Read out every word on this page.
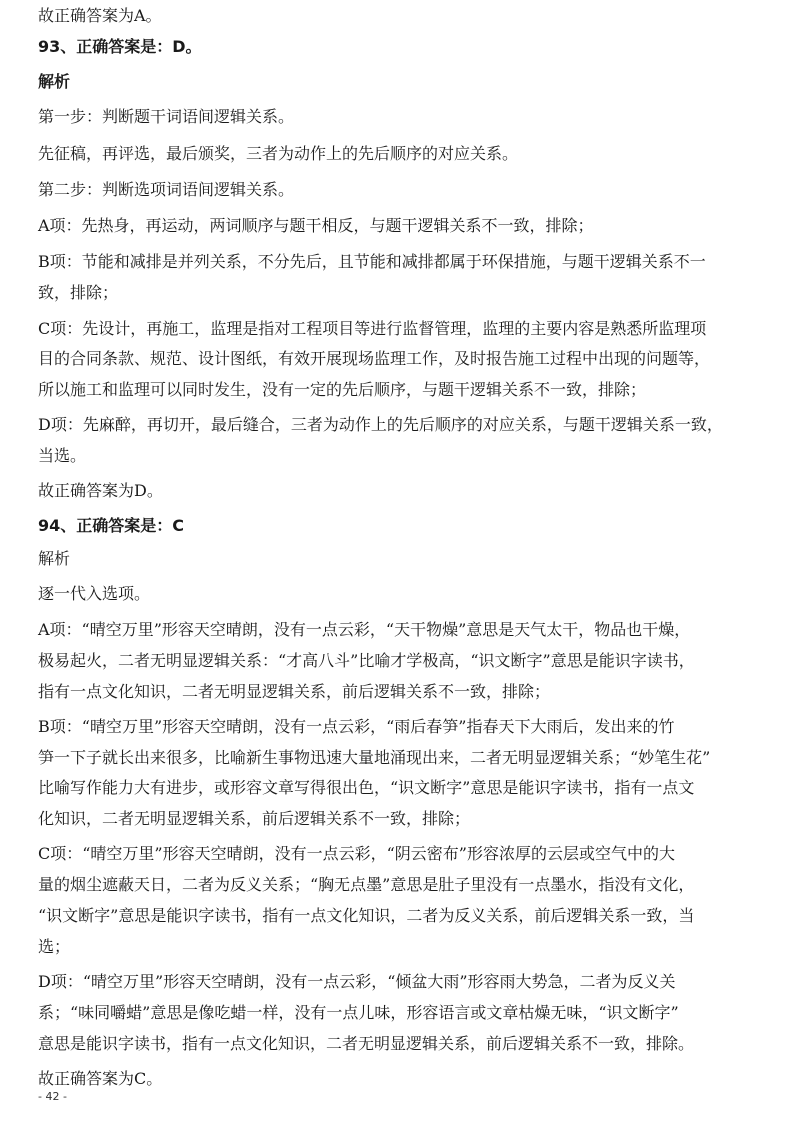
故正确答案为A。
93、正确答案是：D。
解析
第一步：判断题干词语间逻辑关系。
先征稿，再评选，最后颁奖，三者为动作上的先后顺序的对应关系。
第二步：判断选项词语间逻辑关系。
A项：先热身，再运动，两词顺序与题干相反，与题干逻辑关系不一致，排除；
B项：节能和减排是并列关系，不分先后，且节能和减排都属于环保措施，与题干逻辑关系不一
致，排除；
C项：先设计，再施工，监理是指对工程项目等进行监督管理，监理的主要内容是熟悉所监理项
目的合同条款、规范、设计图纸，有效开展现场监理工作，及时报告施工过程中出现的问题等，
所以施工和监理可以同时发生，没有一定的先后顺序，与题干逻辑关系不一致，排除；
D项：先麻醉，再切开，最后缝合，三者为动作上的先后顺序的对应关系，与题干逻辑关系一致，
当选。
故正确答案为D。
94、正确答案是：C
解析
逐一代入选项。
A项：“晴空万里”形容天空晴朗，没有一点云彩，“天干物燥”意思是天气太干，物品也干燥，
极易起火，二者无明显逻辑关系：“才高八斗”比喻才学极高，“识文断字”意思是能识字读书，
指有一点文化知识，二者无明显逻辑关系，前后逻辑关系不一致，排除；
B项：“晴空万里”形容天空晴朗，没有一点云彩，“雨后春笋”指春天下大雨后，发出来的竹
笋一下子就长出来很多，比喻新生事物迅速大量地涌现出来，二者无明显逻辑关系；“妙笔生花”
比喻写作能力大有进步，或形容文章写得很出色，“识文断字”意思是能识字读书，指有一点文
化知识，二者无明显逻辑关系，前后逻辑关系不一致，排除；
C项：“晴空万里”形容天空晴朗，没有一点云彩，“阴云密布”形容浓厚的云层或空气中的大
量的烟尘遮蔽天日，二者为反义关系；“胸无点墨”意思是肚子里没有一点墨水，指没有文化，
“识文断字”意思是能识字读书，指有一点文化知识，二者为反义关系，前后逻辑关系一致，当
选；
D项：“晴空万里”形容天空晴朗，没有一点云彩，“倾盆大雨”形容雨大势急，二者为反义关
系；“味同嚼蜡”意思是像吃蜡一样，没有一点儿味，形容语言或文章枯燥无味，“识文断字”
意思是能识字读书，指有一点文化知识，二者无明显逻辑关系，前后逻辑关系不一致，排除。
故正确答案为C。
- 42 -
